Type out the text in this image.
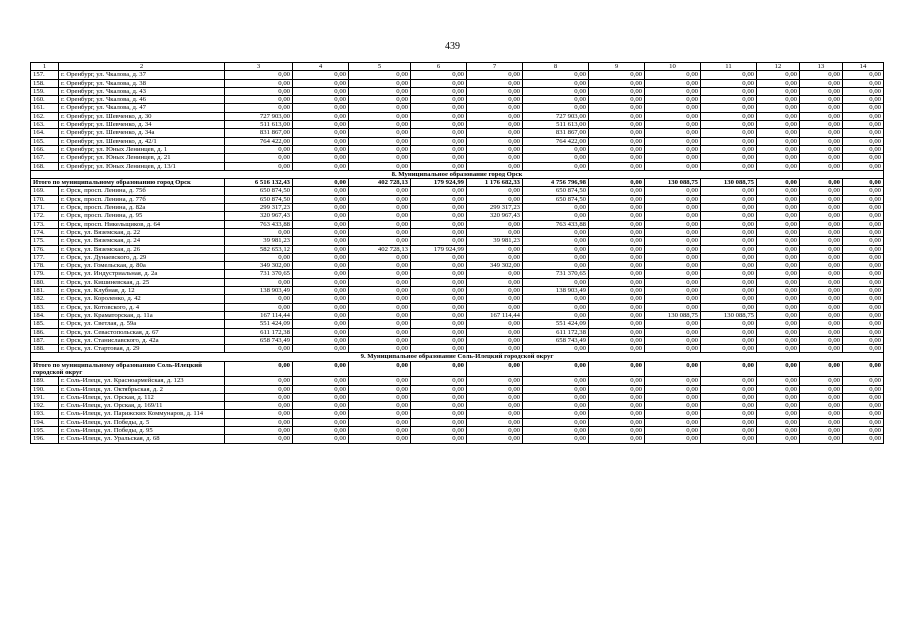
439
1	2	3	4	5	6	7	8	9	10	11	12	13	14
157.	г. Оренбург, ул. Чкалова, д. 37	0,00	0,00	0,00	0,00	0,00	0,00	0,00	0,00	0,00	0,00	0,00	0,00
158.	г. Оренбург, ул. Чкалова, д. 38	0,00	0,00	0,00	0,00	0,00	0,00	0,00	0,00	0,00	0,00	0,00	0,00
159.	г. Оренбург, ул. Чкалова, д. 43	0,00	0,00	0,00	0,00	0,00	0,00	0,00	0,00	0,00	0,00	0,00	0,00
160.	г. Оренбург, ул. Чкалова, д. 46	0,00	0,00	0,00	0,00	0,00	0,00	0,00	0,00	0,00	0,00	0,00	0,00
161.	г. Оренбург, ул. Чкалова, д. 47	0,00	0,00	0,00	0,00	0,00	0,00	0,00	0,00	0,00	0,00	0,00	0,00
162.	г. Оренбург, ул. Шевченко, д. 30	727 903,00	0,00	0,00	0,00	0,00	727 903,00	0,00	0,00	0,00	0,00	0,00	0,00
163.	г. Оренбург, ул. Шевченко, д. 34	511 613,00	0,00	0,00	0,00	0,00	511 613,00	0,00	0,00	0,00	0,00	0,00	0,00
164.	г. Оренбург, ул. Шевченко, д. 34а	831 867,00	0,00	0,00	0,00	0,00	831 867,00	0,00	0,00	0,00	0,00	0,00	0,00
165.	г. Оренбург, ул. Шевченко, д. 42/1	764 422,00	0,00	0,00	0,00	0,00	764 422,00	0,00	0,00	0,00	0,00	0,00	0,00
166.	г. Оренбург, ул. Юных Ленинцев, д. 1	0,00	0,00	0,00	0,00	0,00	0,00	0,00	0,00	0,00	0,00	0,00	0,00
167.	г. Оренбург, ул. Юных Ленинцев, д. 21	0,00	0,00	0,00	0,00	0,00	0,00	0,00	0,00	0,00	0,00	0,00	0,00
168.	г. Оренбург, ул. Юных Ленинцев, д. 13/1	0,00	0,00	0,00	0,00	0,00	0,00	0,00	0,00	0,00	0,00	0,00	0,00
8. Муниципальное образование город Орск													
Итого по муниципальному образованию город Орск		6 516 132,43	0,00	402 728,13	179 924,99	1 176 682,33	4 756 796,98	0,00	130 088,75	130 088,75	0,00	0,00	0,00
169.	г. Орск, просп. Ленина, д. 75б	650 874,50	0,00	0,00	0,00	0,00	650 874,50	0,00	0,00	0,00	0,00	0,00	0,00
170.	г. Орск, просп. Ленина, д. 77б	650 874,50	0,00	0,00	0,00	0,00	650 874,50	0,00	0,00	0,00	0,00	0,00	0,00
171.	г. Орск, просп. Ленина, д. 82а	299 317,23	0,00	0,00	0,00	299 317,23	0,00	0,00	0,00	0,00	0,00	0,00	0,00
172.	г. Орск, просп. Ленина, д. 95	320 967,43	0,00	0,00	0,00	320 967,43	0,00	0,00	0,00	0,00	0,00	0,00	0,00
173.	г. Орск, просп. Никельщиков, д. 64	763 433,88	0,00	0,00	0,00	0,00	763 433,88	0,00	0,00	0,00	0,00	0,00	0,00
174.	г. Орск, ул. Вяземская, д. 22	0,00	0,00	0,00	0,00	0,00	0,00	0,00	0,00	0,00	0,00	0,00	0,00
175.	г. Орск, ул. Вяземская, д. 24	39 981,23	0,00	0,00	0,00	39 981,23	0,00	0,00	0,00	0,00	0,00	0,00	0,00
176.	г. Орск, ул. Вяземская, д. 26	582 653,12	0,00	402 728,13	179 924,99	0,00	0,00	0,00	0,00	0,00	0,00	0,00	0,00
177.	г. Орск, ул. Дунаевского, д. 29	0,00	0,00	0,00	0,00	0,00	0,00	0,00	0,00	0,00	0,00	0,00	0,00
178.	г. Орск, ул. Гомельская, д. 80а	349 302,00	0,00	0,00	0,00	349 302,00	0,00	0,00	0,00	0,00	0,00	0,00	0,00
179.	г. Орск, ул. Индустриальная, д. 2а	731 370,65	0,00	0,00	0,00	0,00	731 370,65	0,00	0,00	0,00	0,00	0,00	0,00
180.	г. Орск, ул. Кишиневская, д. 25	0,00	0,00	0,00	0,00	0,00	0,00	0,00	0,00	0,00	0,00	0,00	0,00
181.	г. Орск, ул. Клубная, д. 12	138 903,49	0,00	0,00	0,00	0,00	138 903,49	0,00	0,00	0,00	0,00	0,00	0,00
182.	г. Орск, ул. Короленко, д. 42	0,00	0,00	0,00	0,00	0,00	0,00	0,00	0,00	0,00	0,00	0,00	0,00
183.	г. Орск, ул. Котовского, д. 4	0,00	0,00	0,00	0,00	0,00	0,00	0,00	0,00	0,00	0,00	0,00	0,00
184.	г. Орск, ул. Краматорская, д. 11а	167 114,44	0,00	0,00	0,00	167 114,44	0,00	0,00	130 088,75	130 088,75	0,00	0,00	0,00
185.	г. Орск, ул. Светлая, д. 59а	551 424,09	0,00	0,00	0,00	0,00	551 424,09	0,00	0,00	0,00	0,00	0,00	0,00
186.	г. Орск, ул. Севастопольская, д. 67	611 172,38	0,00	0,00	0,00	0,00	611 172,38	0,00	0,00	0,00	0,00	0,00	0,00
187.	г. Орск, ул. Станиславского, д. 42а	658 743,49	0,00	0,00	0,00	0,00	658 743,49	0,00	0,00	0,00	0,00	0,00	0,00
188.	г. Орск, ул. Стартовая, д. 29	0,00	0,00	0,00	0,00	0,00	0,00	0,00	0,00	0,00	0,00	0,00	0,00
9. Муниципальное образование Соль-Илецкий городской округ													
Итого по муниципальному образованию Соль-Илецкий городской округ		0,00	0,00	0,00	0,00	0,00	0,00	0,00	0,00	0,00	0,00	0,00	0,00
189.	г. Соль-Илецк, ул. Красноармейская, д. 123	0,00	0,00	0,00	0,00	0,00	0,00	0,00	0,00	0,00	0,00	0,00	0,00
190.	г. Соль-Илецк, ул. Октябрьская, д. 2	0,00	0,00	0,00	0,00	0,00	0,00	0,00	0,00	0,00	0,00	0,00	0,00
191.	г. Соль-Илецк, ул. Орская, д. 112	0,00	0,00	0,00	0,00	0,00	0,00	0,00	0,00	0,00	0,00	0,00	0,00
192.	г. Соль-Илецк, ул. Орская, д. 169/11	0,00	0,00	0,00	0,00	0,00	0,00	0,00	0,00	0,00	0,00	0,00	0,00
193.	г. Соль-Илецк, ул. Парижских Коммунаров, д. 114	0,00	0,00	0,00	0,00	0,00	0,00	0,00	0,00	0,00	0,00	0,00	0,00
194.	г. Соль-Илецк, ул. Победы, д. 5	0,00	0,00	0,00	0,00	0,00	0,00	0,00	0,00	0,00	0,00	0,00	0,00
195.	г. Соль-Илецк, ул. Победы, д. 95	0,00	0,00	0,00	0,00	0,00	0,00	0,00	0,00	0,00	0,00	0,00	0,00
196.	г. Соль-Илецк, ул. Уральская, д. 68	0,00	0,00	0,00	0,00	0,00	0,00	0,00	0,00	0,00	0,00	0,00	0,00
